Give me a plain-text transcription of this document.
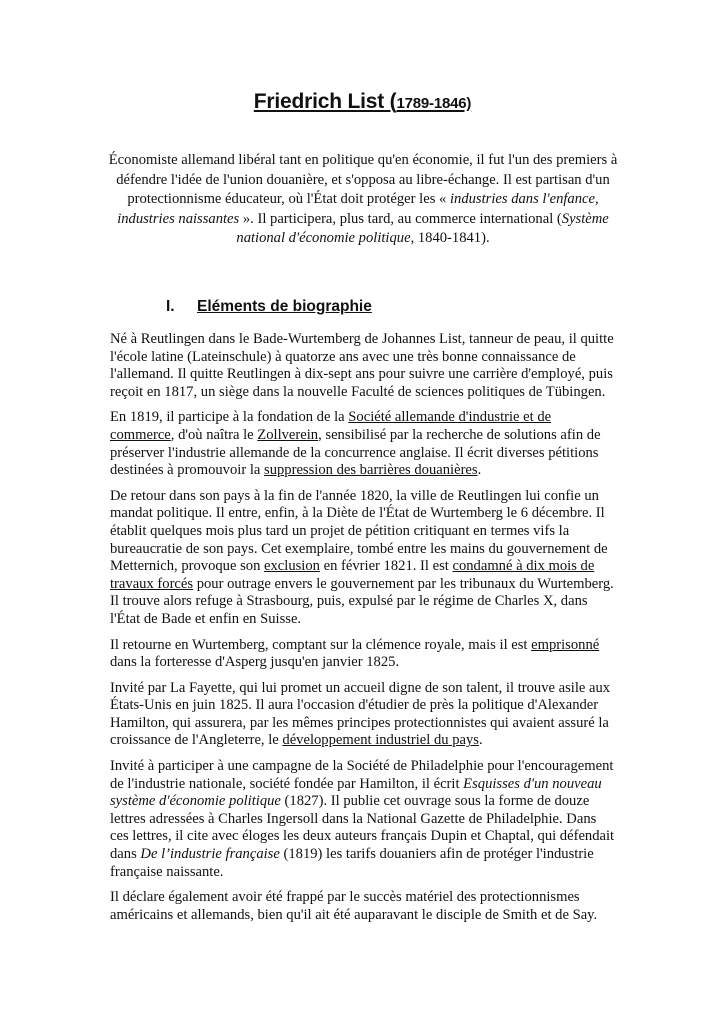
Friedrich List (1789-1846)
Économiste allemand libéral tant en politique qu'en économie, il fut l'un des premiers à défendre l'idée de l'union douanière, et s'opposa au libre-échange. Il est partisan d'un protectionnisme éducateur, où l'État doit protéger les « industries dans l'enfance, industries naissantes ». Il participera, plus tard, au commerce international (Système national d'économie politique, 1840-1841).
I. Eléments de biographie

Né à Reutlingen dans le Bade-Wurtemberg de Johannes List, tanneur de peau, il quitte l'école latine (Lateinschule) à quatorze ans avec une très bonne connaissance de l'allemand. Il quitte Reutlingen à dix-sept ans pour suivre une carrière d'employé, puis reçoit en 1817, un siège dans la nouvelle Faculté de sciences politiques de Tübingen.

En 1819, il participe à la fondation de la Société allemande d'industrie et de commerce, d'où naîtra le Zollverein, sensibilisé par la recherche de solutions afin de préserver l'industrie allemande de la concurrence anglaise. Il écrit diverses pétitions destinées à promouvoir la suppression des barrières douanières.

De retour dans son pays à la fin de l'année 1820, la ville de Reutlingen lui confie un mandat politique. Il entre, enfin, à la Diète de l'État de Wurtemberg le 6 décembre. Il établit quelques mois plus tard un projet de pétition critiquant en termes vifs la bureaucratie de son pays. Cet exemplaire, tombé entre les mains du gouvernement de Metternich, provoque son exclusion en février 1821. Il est condamné à dix mois de travaux forcés pour outrage envers le gouvernement par les tribunaux du Wurtemberg. Il trouve alors refuge à Strasbourg, puis, expulsé par le régime de Charles X, dans l'État de Bade et enfin en Suisse.

Il retourne en Wurtemberg, comptant sur la clémence royale, mais il est emprisonné dans la forteresse d'Asperg jusqu'en janvier 1825.

Invité par La Fayette, qui lui promet un accueil digne de son talent, il trouve asile aux États-Unis en juin 1825. Il aura l'occasion d'étudier de près la politique d'Alexander Hamilton, qui assurera, par les mêmes principes protectionnistes qui avaient assuré la croissance de l'Angleterre, le développement industriel du pays.

Invité à participer à une campagne de la Société de Philadelphie pour l'encouragement de l'industrie nationale, société fondée par Hamilton, il écrit Esquisses d'un nouveau système d'économie politique (1827). Il publie cet ouvrage sous la forme de douze lettres adressées à Charles Ingersoll dans la National Gazette de Philadelphie. Dans ces lettres, il cite avec éloges les deux auteurs français Dupin et Chaptal, qui défendait dans De l’industrie française (1819) les tarifs douaniers afin de protéger l'industrie française naissante.

Il déclare également avoir été frappé par le succès matériel des protectionnismes américains et allemands, bien qu'il ait été auparavant le disciple de Smith et de Say.
